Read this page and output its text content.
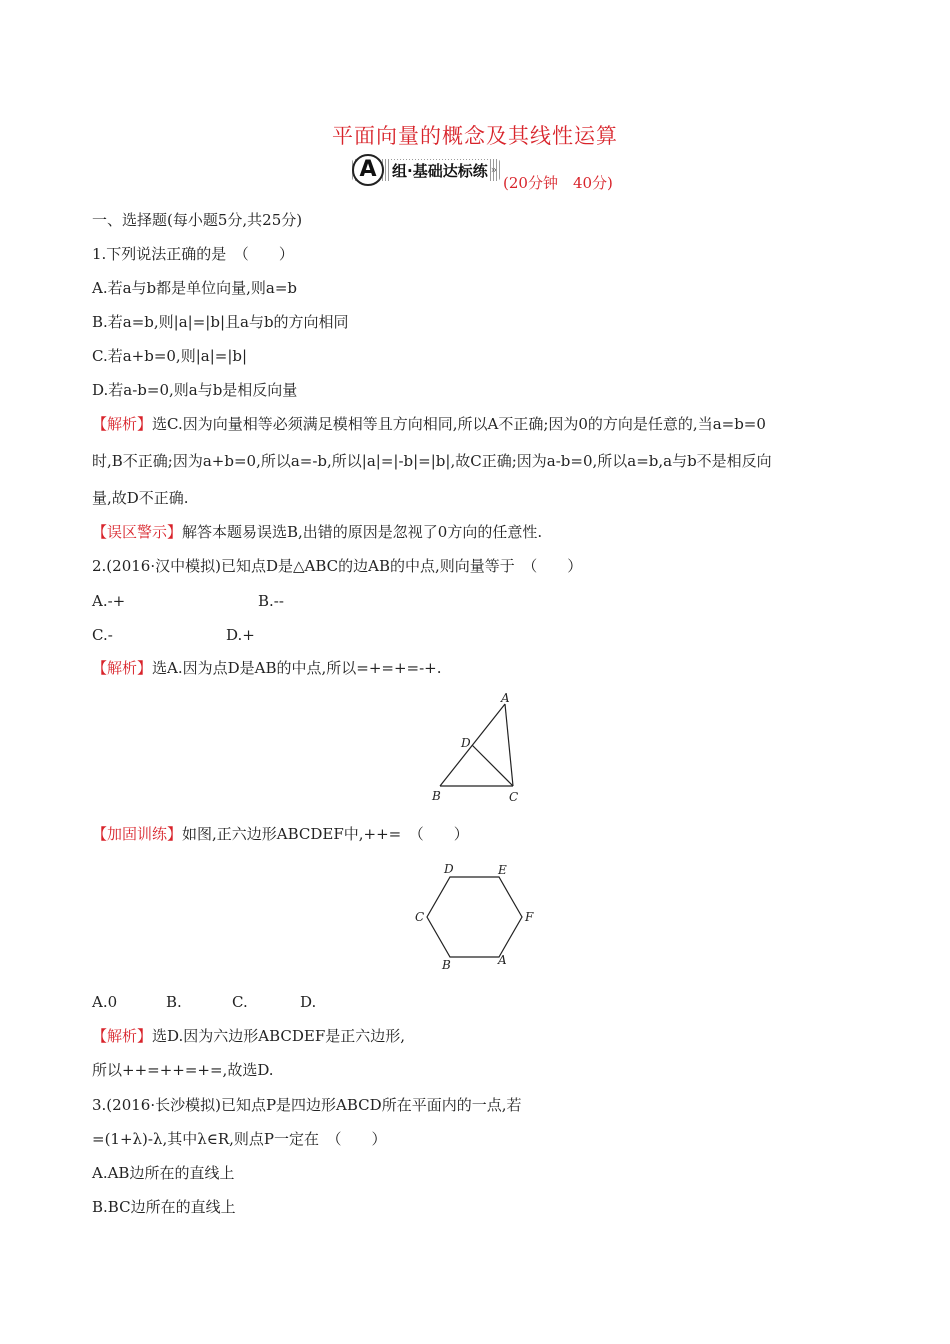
平面向量的概念及其线性运算
A	组·基础达标练 »
(20分钟　40分)
一、选择题(每小题5分,共25分)
1.下列说法正确的是　（　　）
A.若a与b都是单位向量,则a=b
B.若a=b,则|a|=|b|且a与b的方向相同
C.若a+b=0,则|a|=|b|
D.若a-b=0,则a与b是相反向量
【解析】选C.因为向量相等必须满足模相等且方向相同,所以A不正确;因为0的方向是任意的,当a=b=0
时,B不正确;因为a+b=0,所以a=-b,所以|a|=|-b|=|b|,故C正确;因为a-b=0,所以a=b,a与b不是相反向
量,故D不正确.
【误区警示】解答本题易误选B,出错的原因是忽视了0方向的任意性.
2.(2016·汉中模拟)已知点D是△ABC的边AB的中点,则向量等于　（　　）
A.-+	B.--
C.-	D.+
【解析】选A.因为点D是AB的中点,所以=+=+=-+.
A
D
B	C
【加固训练】如图,正六边形ABCDEF中,++=　（　　）
D	E
C	F
B	A
A.0	B.	C.	D.
【解析】选D.因为六边形ABCDEF是正六边形,
所以++=++=+=,故选D.
3.(2016·长沙模拟)已知点P是四边形ABCD所在平面内的一点,若
=(1+λ)-λ,其中λ∈R,则点P一定在　（　　）
A.AB边所在的直线上
B.BC边所在的直线上
